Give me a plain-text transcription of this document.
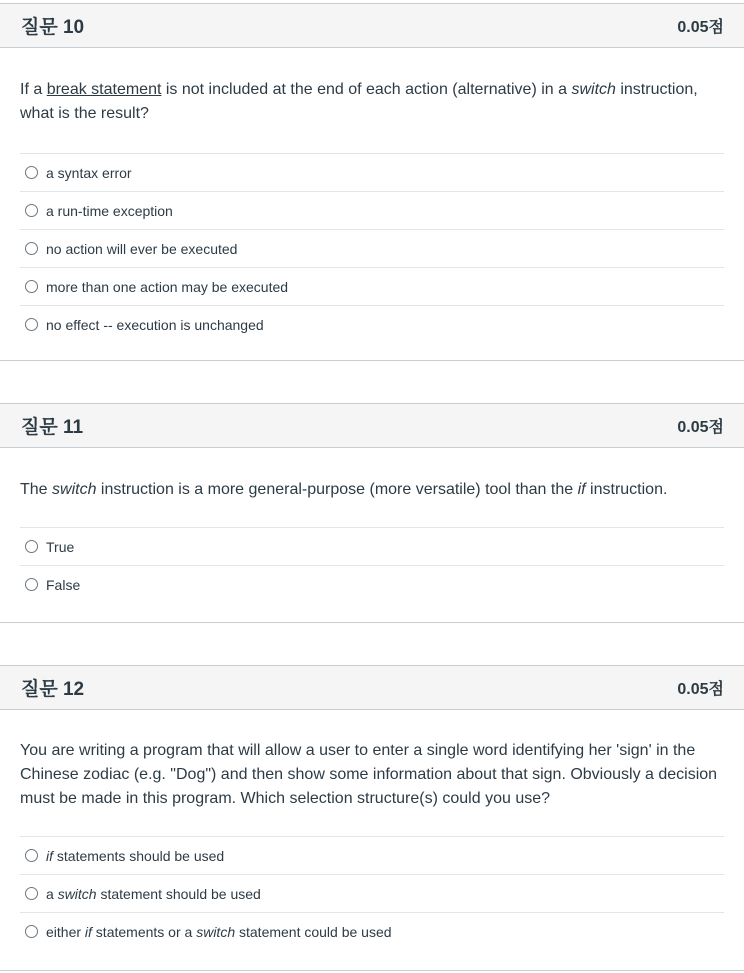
질문 10	0.05점
If a break statement is not included at the end of each action (alternative) in a switch instruction, what is the result?
a syntax error
a run-time exception
no action will ever be executed
more than one action may be executed
no effect -- execution is unchanged
질문 11	0.05점
The switch instruction is a more general-purpose (more versatile) tool than the if instruction.
True
False
질문 12	0.05점
You are writing a program that will allow a user to enter a single word identifying her 'sign' in the Chinese zodiac (e.g. "Dog") and then show some information about that sign. Obviously a decision must be made in this program. Which selection structure(s) could you use?
if statements should be used
a switch statement should be used
either if statements or a switch statement could be used
